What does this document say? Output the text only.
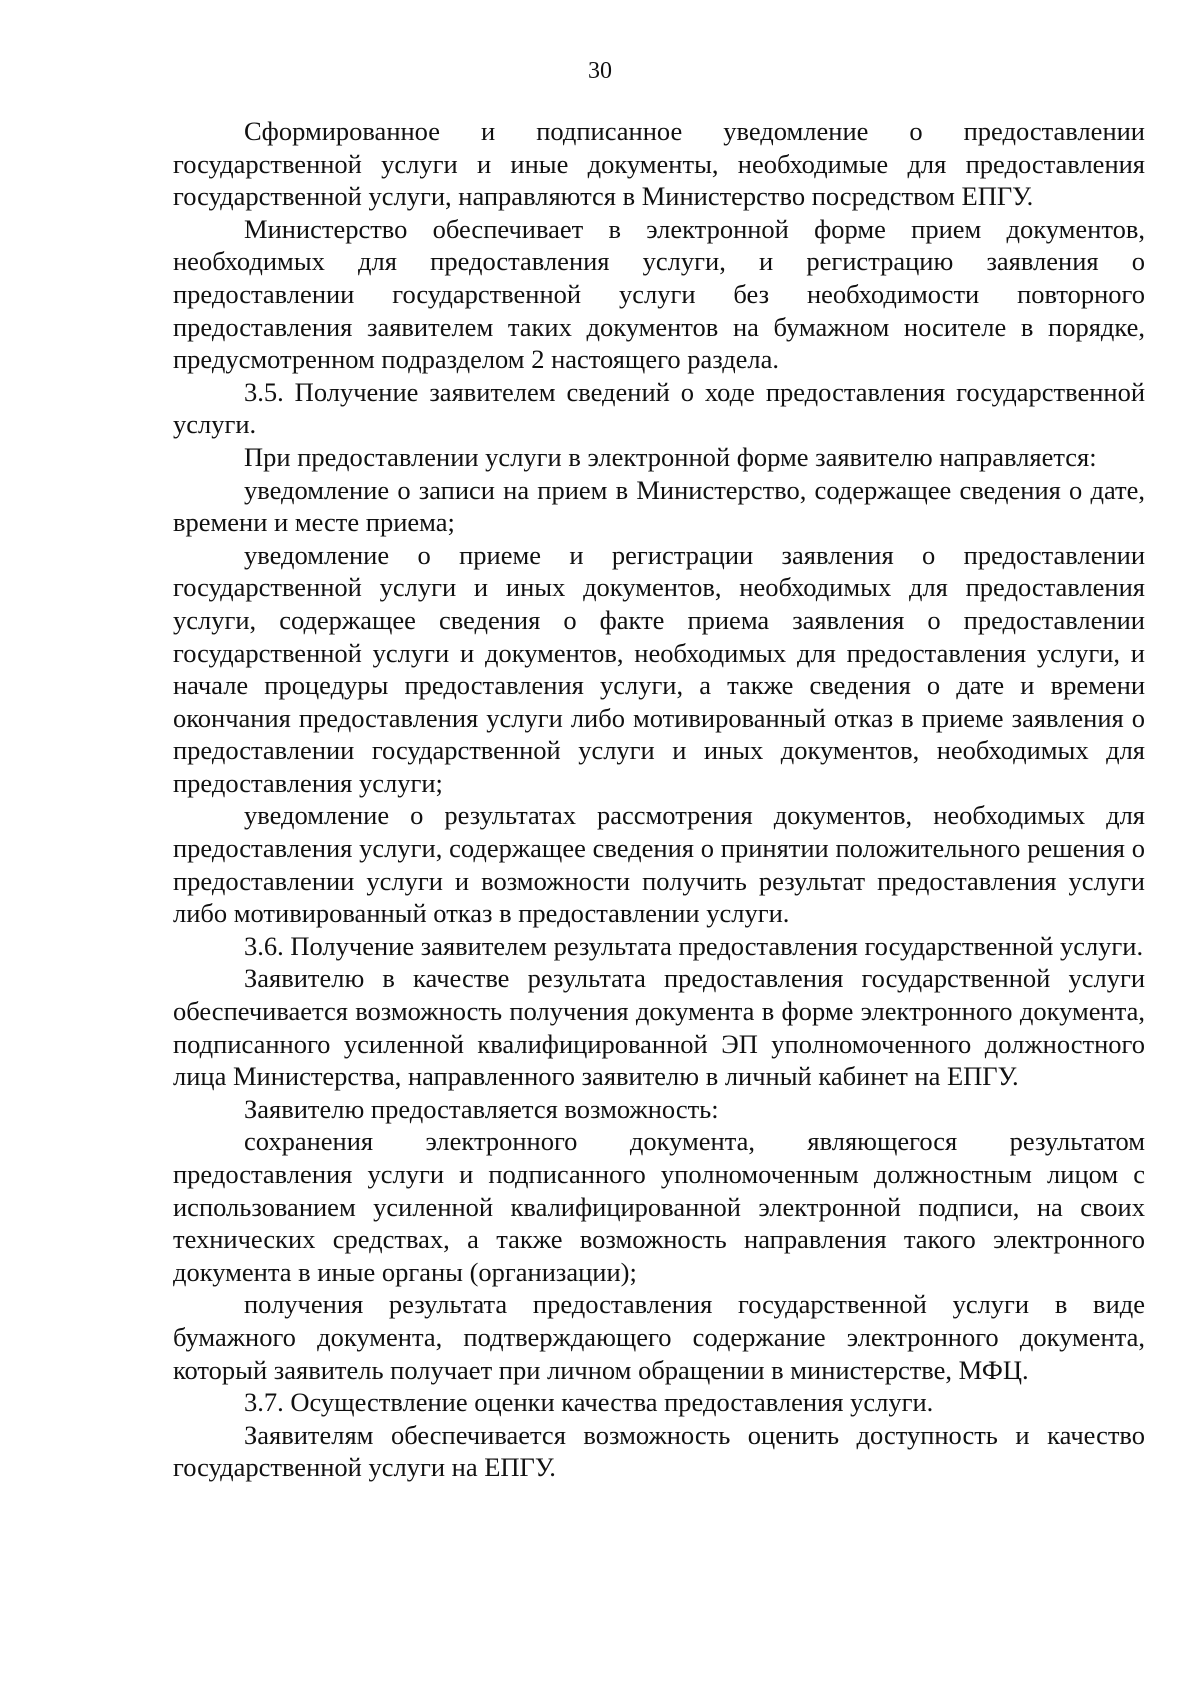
30

Сформированное и подписанное уведомление о предоставлении государственной услуги и иные документы, необходимые для предоставления государственной услуги, направляются в Министерство посредством ЕПГУ.

Министерство обеспечивает в электронной форме прием документов, необходимых для предоставления услуги, и регистрацию заявления о предоставлении государственной услуги без необходимости повторного предоставления заявителем таких документов на бумажном носителе в порядке, предусмотренном подразделом 2 настоящего раздела.

3.5. Получение заявителем сведений о ходе предоставления государственной услуги.

При предоставлении услуги в электронной форме заявителю направляется:

уведомление о записи на прием в Министерство, содержащее сведения о дате, времени и месте приема;

уведомление о приеме и регистрации заявления о предоставлении государственной услуги и иных документов, необходимых для предоставления услуги, содержащее сведения о факте приема заявления о предоставлении государственной услуги и документов, необходимых для предоставления услуги, и начале процедуры предоставления услуги, а также сведения о дате и времени окончания предоставления услуги либо мотивированный отказ в приеме заявления о предоставлении государственной услуги и иных документов, необходимых для предоставления услуги;

уведомление о результатах рассмотрения документов, необходимых для предоставления услуги, содержащее сведения о принятии положительного решения о предоставлении услуги и возможности получить результат предоставления услуги либо мотивированный отказ в предоставлении услуги.

3.6. Получение заявителем результата предоставления государственной услуги.

Заявителю в качестве результата предоставления государственной услуги обеспечивается возможность получения документа в форме электронного документа, подписанного усиленной квалифицированной ЭП уполномоченного должностного лица Министерства, направленного заявителю в личный кабинет на ЕПГУ.

Заявителю предоставляется возможность:

сохранения электронного документа, являющегося результатом предоставления услуги и подписанного уполномоченным должностным лицом с использованием усиленной квалифицированной электронной подписи, на своих технических средствах, а также возможность направления такого электронного документа в иные органы (организации);

получения результата предоставления государственной услуги в виде бумажного документа, подтверждающего содержание электронного документа, который заявитель получает при личном обращении в министерстве, МФЦ.

3.7. Осуществление оценки качества предоставления услуги.

Заявителям обеспечивается возможность оценить доступность и качество государственной услуги на ЕПГУ.
